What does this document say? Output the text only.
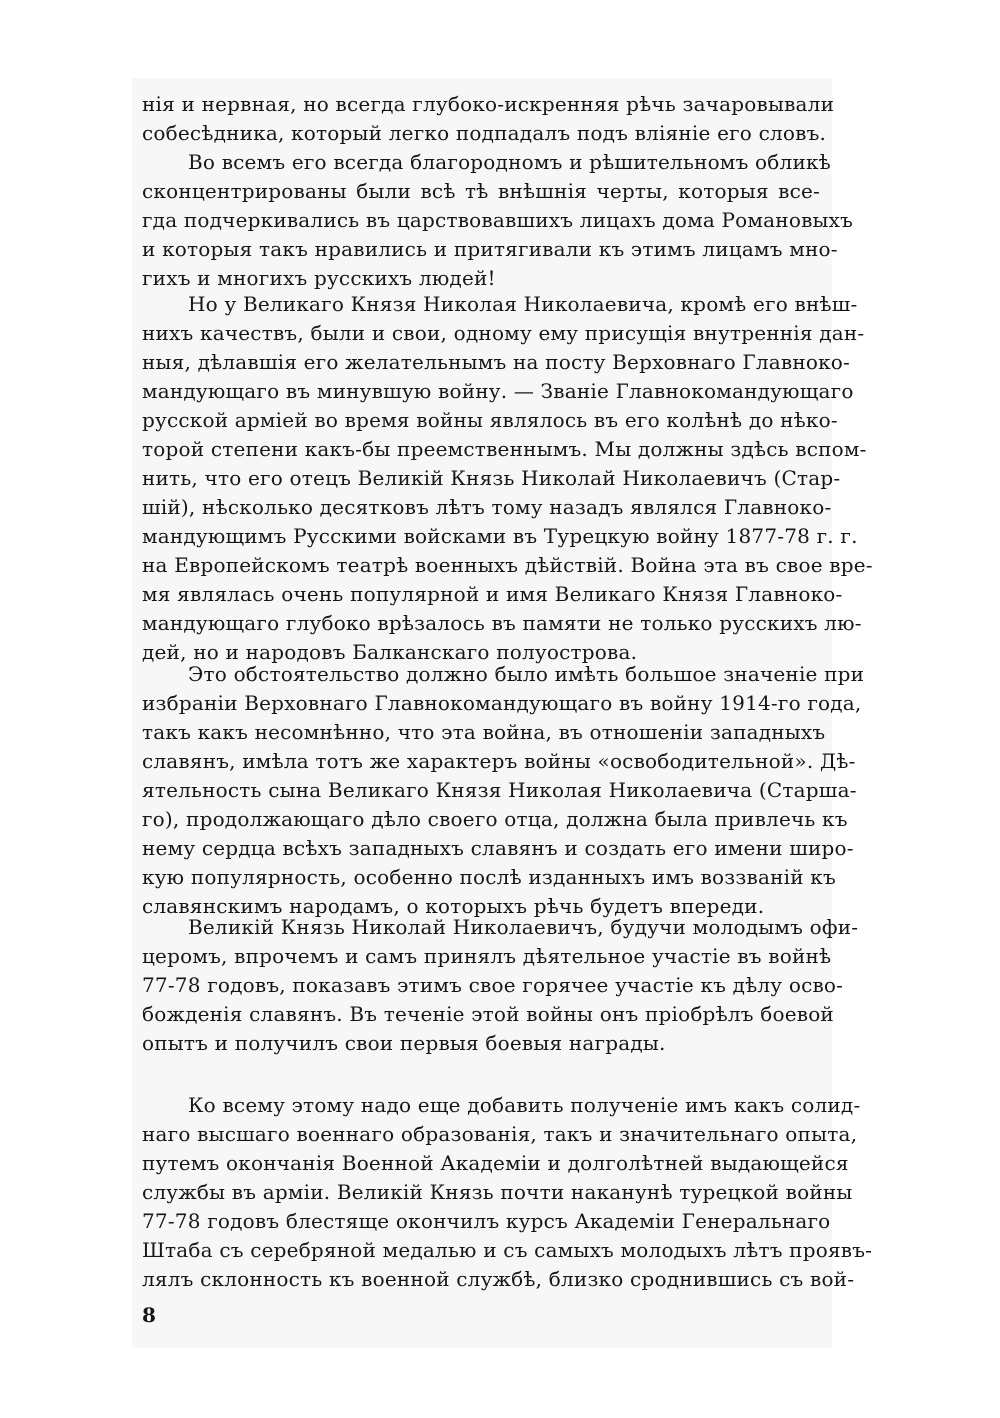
нія и нервная, но всегда глубоко-искренняя рѣчь зачаровывали
собесѣдника, который легко подпадалъ подъ вліяніе его словъ.
Во всемъ его всегда благородномъ и рѣшительномъ обликѣ
сконцентрированы были всѣ тѣ внѣшнія черты, которыя все-
гда подчеркивались въ царствовавшихъ лицахъ дома Романовыхъ
и которыя такъ нравились и притягивали къ этимъ лицамъ мно-
гихъ и многихъ русскихъ людей!
Но у Великаго Князя Николая Николаевича, кромѣ его внѣш-
нихъ качествъ, были и свои, одному ему присущія внутреннія дан-
ныя, дѣлавшія его желательнымъ на посту Верховнаго Главноко-
мандующаго въ минувшую войну. — Званіе Главнокомандующаго
русской арміей во время войны являлось въ его колѣнѣ до нѣко-
торой степени какъ-бы преемственнымъ. Мы должны здѣсь вспом-
нить, что его отецъ Великій Князь Николай Николаевичъ (Стар-
шій), нѣсколько десятковъ лѣтъ тому назадъ являлся Главноко-
мандующимъ Русскими войсками въ Турецкую войну 1877-78 г. г.
на Европейскомъ театрѣ военныхъ дѣйствій. Война эта въ свое вре-
мя являлась очень популярной и имя Великаго Князя Главноко-
мандующаго глубоко врѣзалось въ памяти не только русскихъ лю-
дей, но и народовъ Балканскаго полуострова.
Это обстоятельство должно было имѣть большое значеніе при
избраніи Верховнаго Главнокомандующаго въ войну 1914-го года,
такъ какъ несомнѣнно, что эта война, въ отношеніи западныхъ
славянъ, имѣла тотъ же характеръ войны «освободительной». Дѣ-
ятельность сына Великаго Князя Николая Николаевича (Старша-
го), продолжающаго дѣло своего отца, должна была привлечь къ
нему сердца всѣхъ западныхъ славянъ и создать его имени широ-
кую популярность, особенно послѣ изданныхъ имъ воззваній къ
славянскимъ народамъ, о которыхъ рѣчь будетъ впереди.
Великій Князь Николай Николаевичъ, будучи молодымъ офи-
церомъ, впрочемъ и самъ принялъ дѣятельное участіе въ войнѣ
77-78 годовъ, показавъ этимъ свое горячее участіе къ дѣлу осво-
божденія славянъ. Въ теченіе этой войны онъ пріобрѣлъ боевой
опытъ и получилъ свои первыя боевыя награды.
Ко всему этому надо еще добавить полученіе имъ какъ солид-
наго высшаго военнаго образованія, такъ и значительнаго опыта,
путемъ окончанія Военной Академіи и долголѣтней выдающейся
службы въ арміи. Великій Князь почти наканунѣ турецкой войны
77-78 годовъ блестяще окончилъ курсъ Академіи Генеральнаго
Штаба съ серебряной медалью и съ самыхъ молодыхъ лѣтъ проявъ-
лялъ склонность къ военной службѣ, близко сроднившись съ вой-
8
